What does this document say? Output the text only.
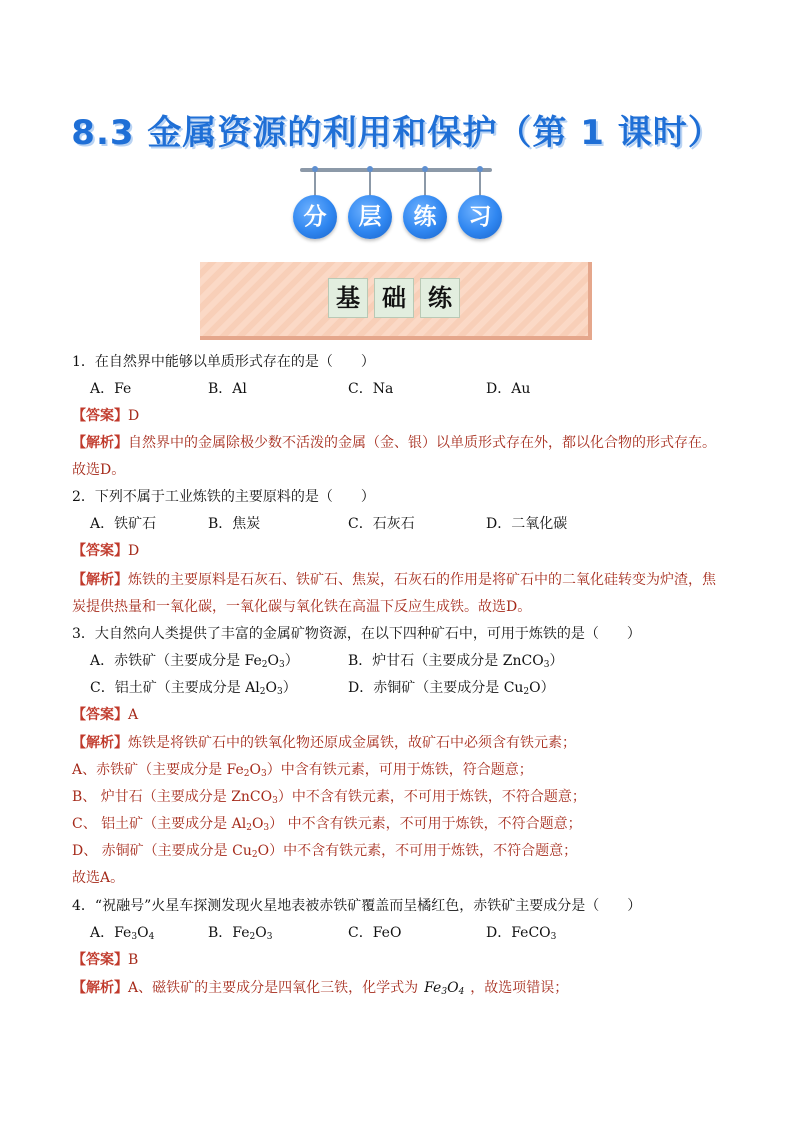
8.3 金属资源的利用和保护（第 1 课时）
分	层	练	习
基 础 练
1．在自然界中能够以单质形式存在的是（　　）
A．Fe	B．Al	C．Na	D．Au
【答案】D
【解析】自然界中的金属除极少数不活泼的金属（金、银）以单质形式存在外，都以化合物的形式存在。
故选D。
2．下列不属于工业炼铁的主要原料的是（　　）
A．铁矿石	B．焦炭	C．石灰石	D．二氧化碳
【答案】D
【解析】炼铁的主要原料是石灰石、铁矿石、焦炭，石灰石的作用是将矿石中的二氧化硅转变为炉渣，焦
炭提供热量和一氧化碳，一氧化碳与氧化铁在高温下反应生成铁。故选D。
3．大自然向人类提供了丰富的金属矿物资源，在以下四种矿石中，可用于炼铁的是（　　）
A．赤铁矿（主要成分是 $Fe_2O_3$）	B．炉甘石（主要成分是 ZnCO$_3$）
C．铝土矿（主要成分是 $Al_2O_3$）	D．赤铜矿（主要成分是 $Cu_2O$）
【答案】A
【解析】炼铁是将铁矿石中的铁氧化物还原成金属铁，故矿石中必须含有铁元素；
A、赤铁矿（主要成分是 $Fe_2O_3$）中含有铁元素，可用于炼铁，符合题意；
B、 炉甘石（主要成分是 ZnCO$_3$）中不含有铁元素，不可用于炼铁，不符合题意；
C、 铝土矿（主要成分是 $Al_2O_3$） 中不含有铁元素，不可用于炼铁，不符合题意；
D、 赤铜矿（主要成分是 $Cu_2O$）中不含有铁元素，不可用于炼铁，不符合题意；
故选A。
4．“祝融号”火星车探测发现火星地表被赤铁矿覆盖而呈橘红色，赤铁矿主要成分是（　　）
A．$Fe_3O_4$	B．$Fe_2O_3$	C．FeO	D．FeCO$_3$
【答案】B
【解析】A、磁铁矿的主要成分是四氧化三铁，化学式为 $Fe_3O_4$ ，故选项错误；
